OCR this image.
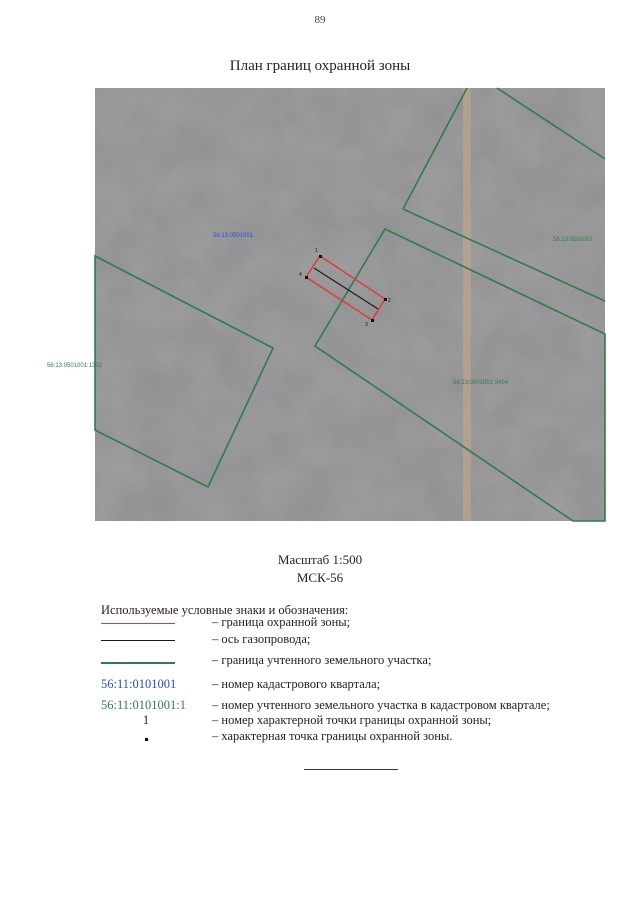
89
План границ охранной зоны
1
2
3
4
56:13:0501001
56:13:0501001
56:13:0501001:1302
56:13:0501001:3454
Масштаб 1:500
МСК-56
Используемые условные знаки и обозначения:
– граница охранной зоны;
– ось газопровода;
– граница учтенного земельного участка;
56:11:0101001	– номер кадастрового квартала;
56:11:0101001:1	– номер учтенного земельного участка в кадастровом квартале;
1	– номер характерной точки границы охранной зоны;
– характерная точка границы охранной зоны.
